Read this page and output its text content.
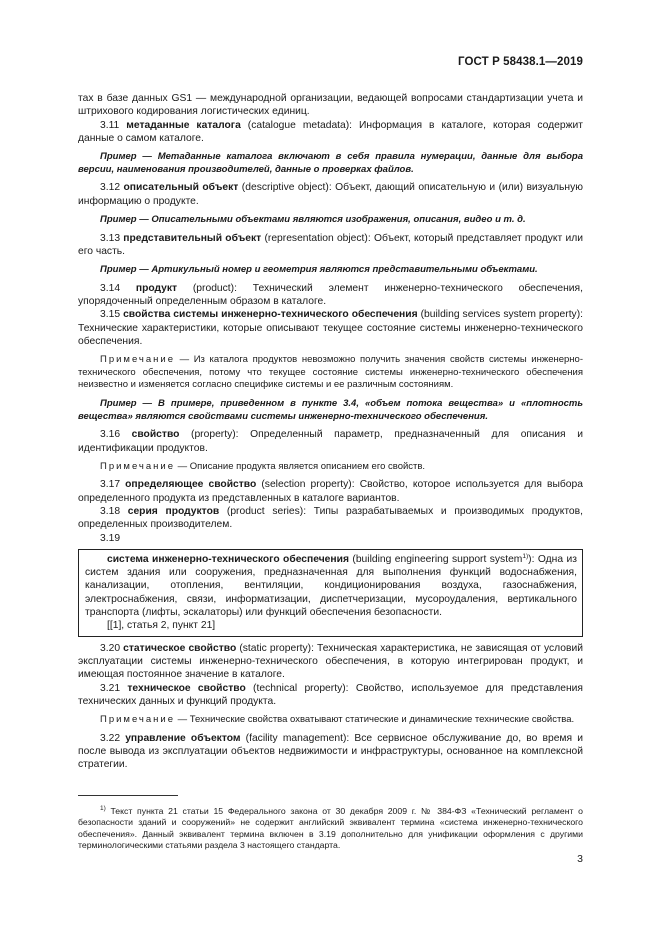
ГОСТ Р 58438.1—2019

тах в базе данных GS1 — международной организации, ведающей вопросами стандартизации учета и штрихового кодирования логистических единиц.

3.11 метаданные каталога (catalogue metadata): Информация в каталоге, которая содержит данные о самом каталоге.

Пример — Метаданные каталога включают в себя правила нумерации, данные для выбора версии, наименования производителей, данные о проверках файлов.

3.12 описательный объект (descriptive object): Объект, дающий описательную и (или) визуальную информацию о продукте.

Пример — Описательными объектами являются изображения, описания, видео и т. д.

3.13 представительный объект (representation object): Объект, который представляет продукт или его часть.

Пример — Артикульный номер и геометрия являются представительными объектами.

3.14 продукт (product): Технический элемент инженерно-технического обеспечения, упорядоченный определенным образом в каталоге.

3.15 свойства системы инженерно-технического обеспечения (building services system property): Технические характеристики, которые описывают текущее состояние системы инженерно-технического обеспечения.

Примечание — Из каталога продуктов невозможно получить значения свойств системы инженерно-технического обеспечения, потому что текущее состояние системы инженерно-технического обеспечения неизвестно и изменяется согласно специфике системы и ее различным состояниям.

Пример — В примере, приведенном в пункте 3.4, «объем потока вещества» и «плотность вещества» являются свойствами системы инженерно-технического обеспечения.

3.16 свойство (property): Определенный параметр, предназначенный для описания и идентификации продуктов.

Примечание — Описание продукта является описанием его свойств.

3.17 определяющее свойство (selection property): Свойство, которое используется для выбора определенного продукта из представленных в каталоге вариантов.

3.18 серия продуктов (product series): Типы разрабатываемых и производимых продуктов, определенных производителем.

3.19

система инженерно-технического обеспечения (building engineering support system$^{1)}$): Одна из систем здания или сооружения, предназначенная для выполнения функций водоснабжения, канализации, отопления, вентиляции, кондиционирования воздуха, газоснабжения, электроснабжения, связи, информатизации, диспетчеризации, мусороудаления, вертикального транспорта (лифты, эскалаторы) или функций обеспечения безопасности.

[[1], статья 2, пункт 21]

3.20 статическое свойство (static property): Техническая характеристика, не зависящая от условий эксплуатации системы инженерно-технического обеспечения, в которую интегрирован продукт, и имеющая постоянное значение в каталоге.

3.21 техническое свойство (technical property): Свойство, используемое для представления технических данных и функций продукта.

Примечание — Технические свойства охватывают статические и динамические технические свойства.

3.22 управление объектом (facility management): Все сервисное обслуживание до, во время и после вывода из эксплуатации объектов недвижимости и инфраструктуры, основанное на комплексной стратегии.

$^{1)}$ Текст пункта 21 статьи 15 Федерального закона от 30 декабря 2009 г. № 384-ФЗ «Технический регламент о безопасности зданий и сооружений» не содержит английский эквивалент термина «система инженерно-технического обеспечения». Данный эквивалент термина включен в 3.19 дополнительно для унификации оформления с другими терминологическими статьями раздела 3 настоящего стандарта.

3
